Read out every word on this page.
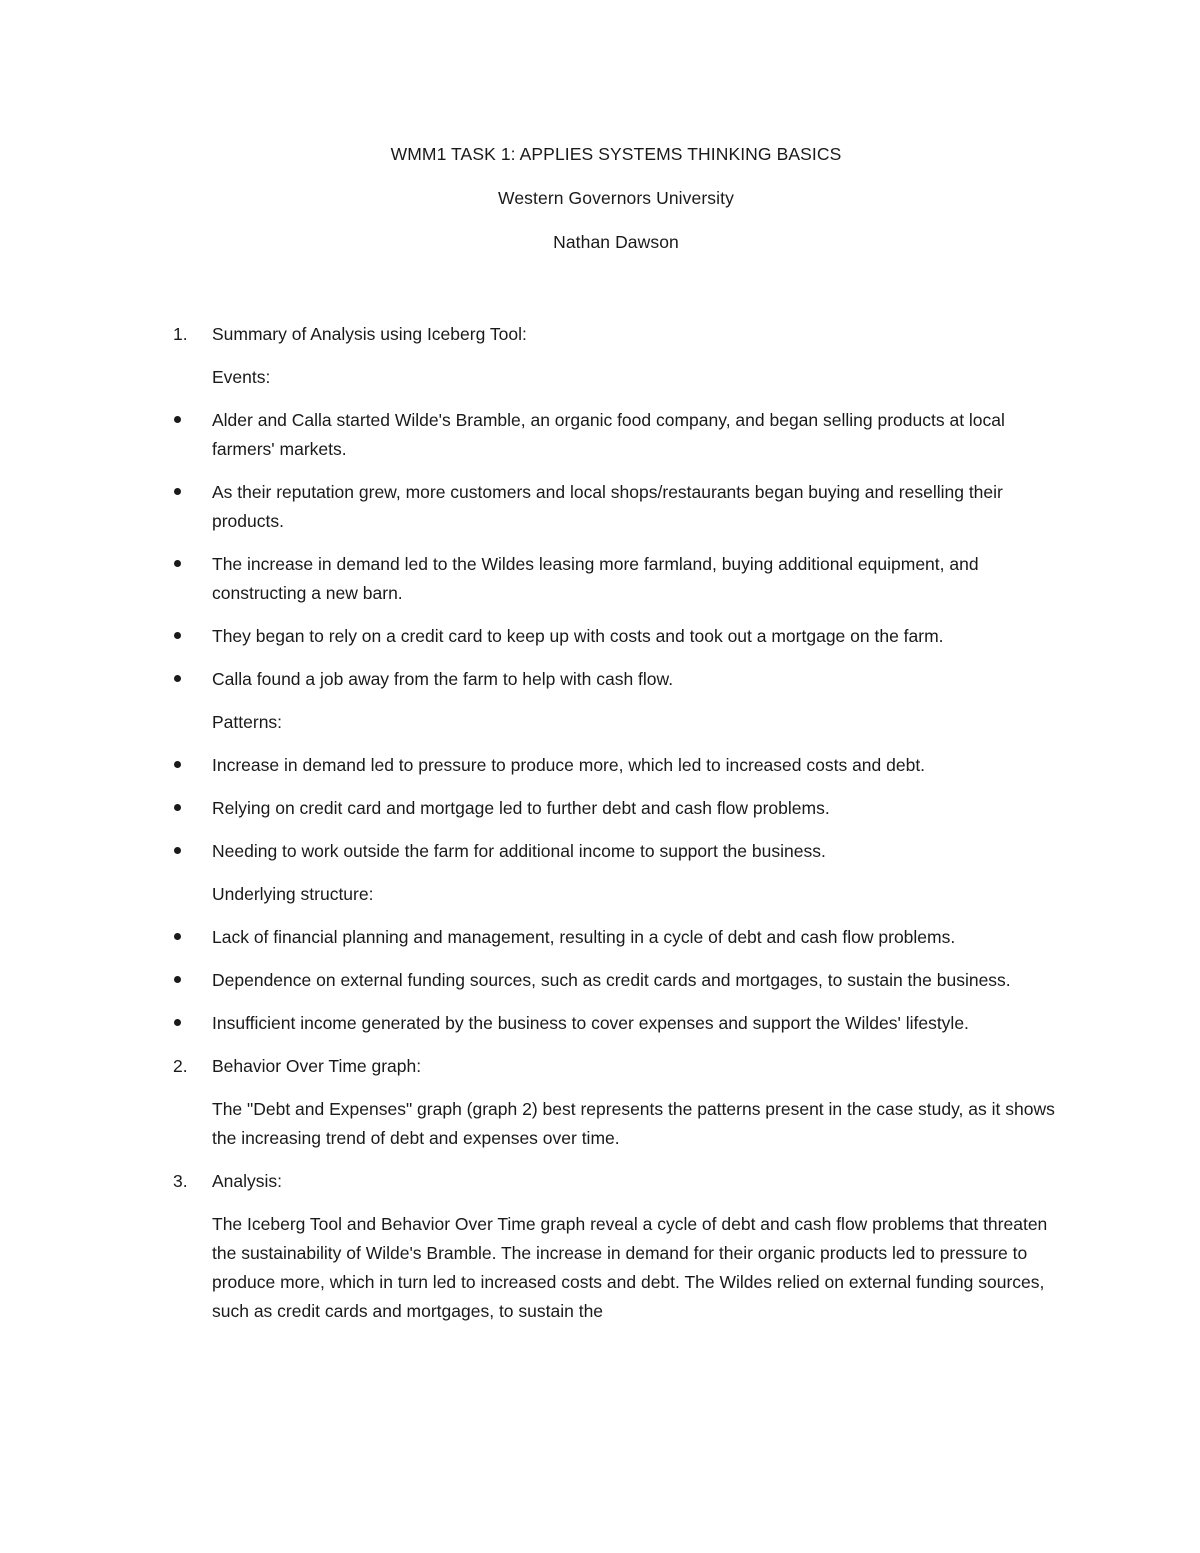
WMM1 TASK 1: APPLIES SYSTEMS THINKING BASICS

Western Governors University

Nathan Dawson

1. Summary of Analysis using Iceberg Tool:
Events:
Alder and Calla started Wilde's Bramble, an organic food company, and began selling products at local farmers' markets.
As their reputation grew, more customers and local shops/restaurants began buying and reselling their products.
The increase in demand led to the Wildes leasing more farmland, buying additional equipment, and constructing a new barn.
They began to rely on a credit card to keep up with costs and took out a mortgage on the farm.
Calla found a job away from the farm to help with cash flow.
Patterns:
Increase in demand led to pressure to produce more, which led to increased costs and debt.
Relying on credit card and mortgage led to further debt and cash flow problems.
Needing to work outside the farm for additional income to support the business.
Underlying structure:
Lack of financial planning and management, resulting in a cycle of debt and cash flow problems.
Dependence on external funding sources, such as credit cards and mortgages, to sustain the business.
Insufficient income generated by the business to cover expenses and support the Wildes' lifestyle.
2. Behavior Over Time graph:
The "Debt and Expenses" graph (graph 2) best represents the patterns present in the case study, as it shows the increasing trend of debt and expenses over time.
3. Analysis:
The Iceberg Tool and Behavior Over Time graph reveal a cycle of debt and cash flow problems that threaten the sustainability of Wilde's Bramble. The increase in demand for their organic products led to pressure to produce more, which in turn led to increased costs and debt. The Wildes relied on external funding sources, such as credit cards and mortgages, to sustain the
